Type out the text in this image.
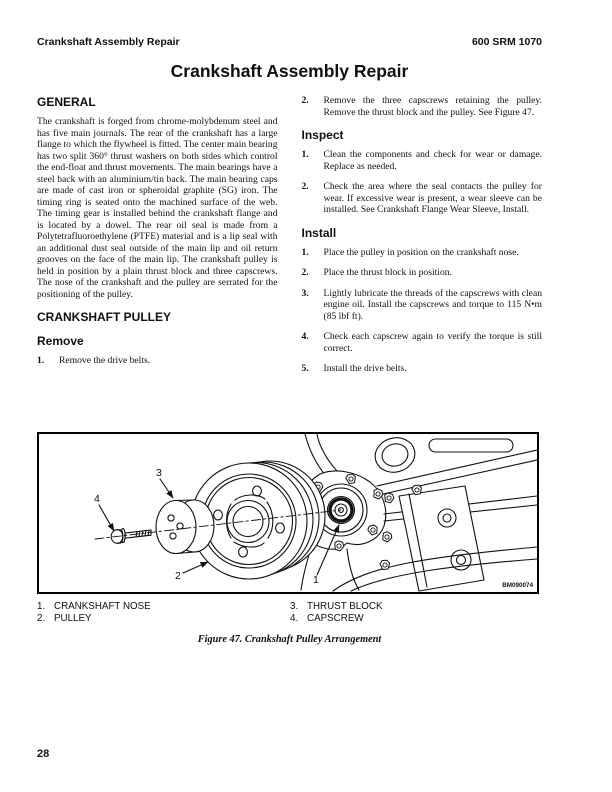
Crankshaft Assembly Repair	600 SRM 1070
Crankshaft Assembly Repair
GENERAL

The crankshaft is forged from chrome-molybdenum steel and has five main journals. The rear of the crankshaft has a large flange to which the flywheel is fitted. The center main bearing has two split 360° thrust washers on both sides which control the end-float and thrust movements. The main bearings have a steel back with an aluminium/tin back. The main bearing caps are made of cast iron or spheroidal graphite (SG) iron. The timing ring is seated onto the machined surface of the web. The timing gear is installed behind the crankshaft flange and is located by a dowel. The rear oil seal is made from a Polytetrafluoroethylene (PTFE) material and is a lip seal with an additional dust seal outside of the main lip and oil return grooves on the face of the main lip. The crankshaft pulley is held in position by a plain thrust block and three capscrews. The nose of the crankshaft and the pulley are serrated for the positioning of the pulley.

CRANKSHAFT PULLEY
Remove
1.	Remove the drive belts.
2.	Remove the three capscrews retaining the pulley. Remove the thrust block and the pulley. See Figure 47.
Inspect
1.	Clean the components and check for wear or damage. Replace as needed.
2.	Check the area where the seal contacts the pulley for wear. If excessive wear is present, a wear sleeve can be installed. See Crankshaft Flange Wear Sleeve, Install.
Install
1.	Place the pulley in position on the crankshaft nose.
2.	Place the thrust block in position.
3.	Lightly lubricate the threads of the capscrews with clean engine oil. Install the capscrews and torque to 115 N•m (85 lbf ft).
4.	Check each capscrew again to verify the torque is still correct.
5.	Install the drive belts.
1
2
3
4
BM090074
1. CRANKSHAFT NOSE
2. PULLEY
3. THRUST BLOCK
4. CAPSCREW
Figure 47. Crankshaft Pulley Arrangement
28
